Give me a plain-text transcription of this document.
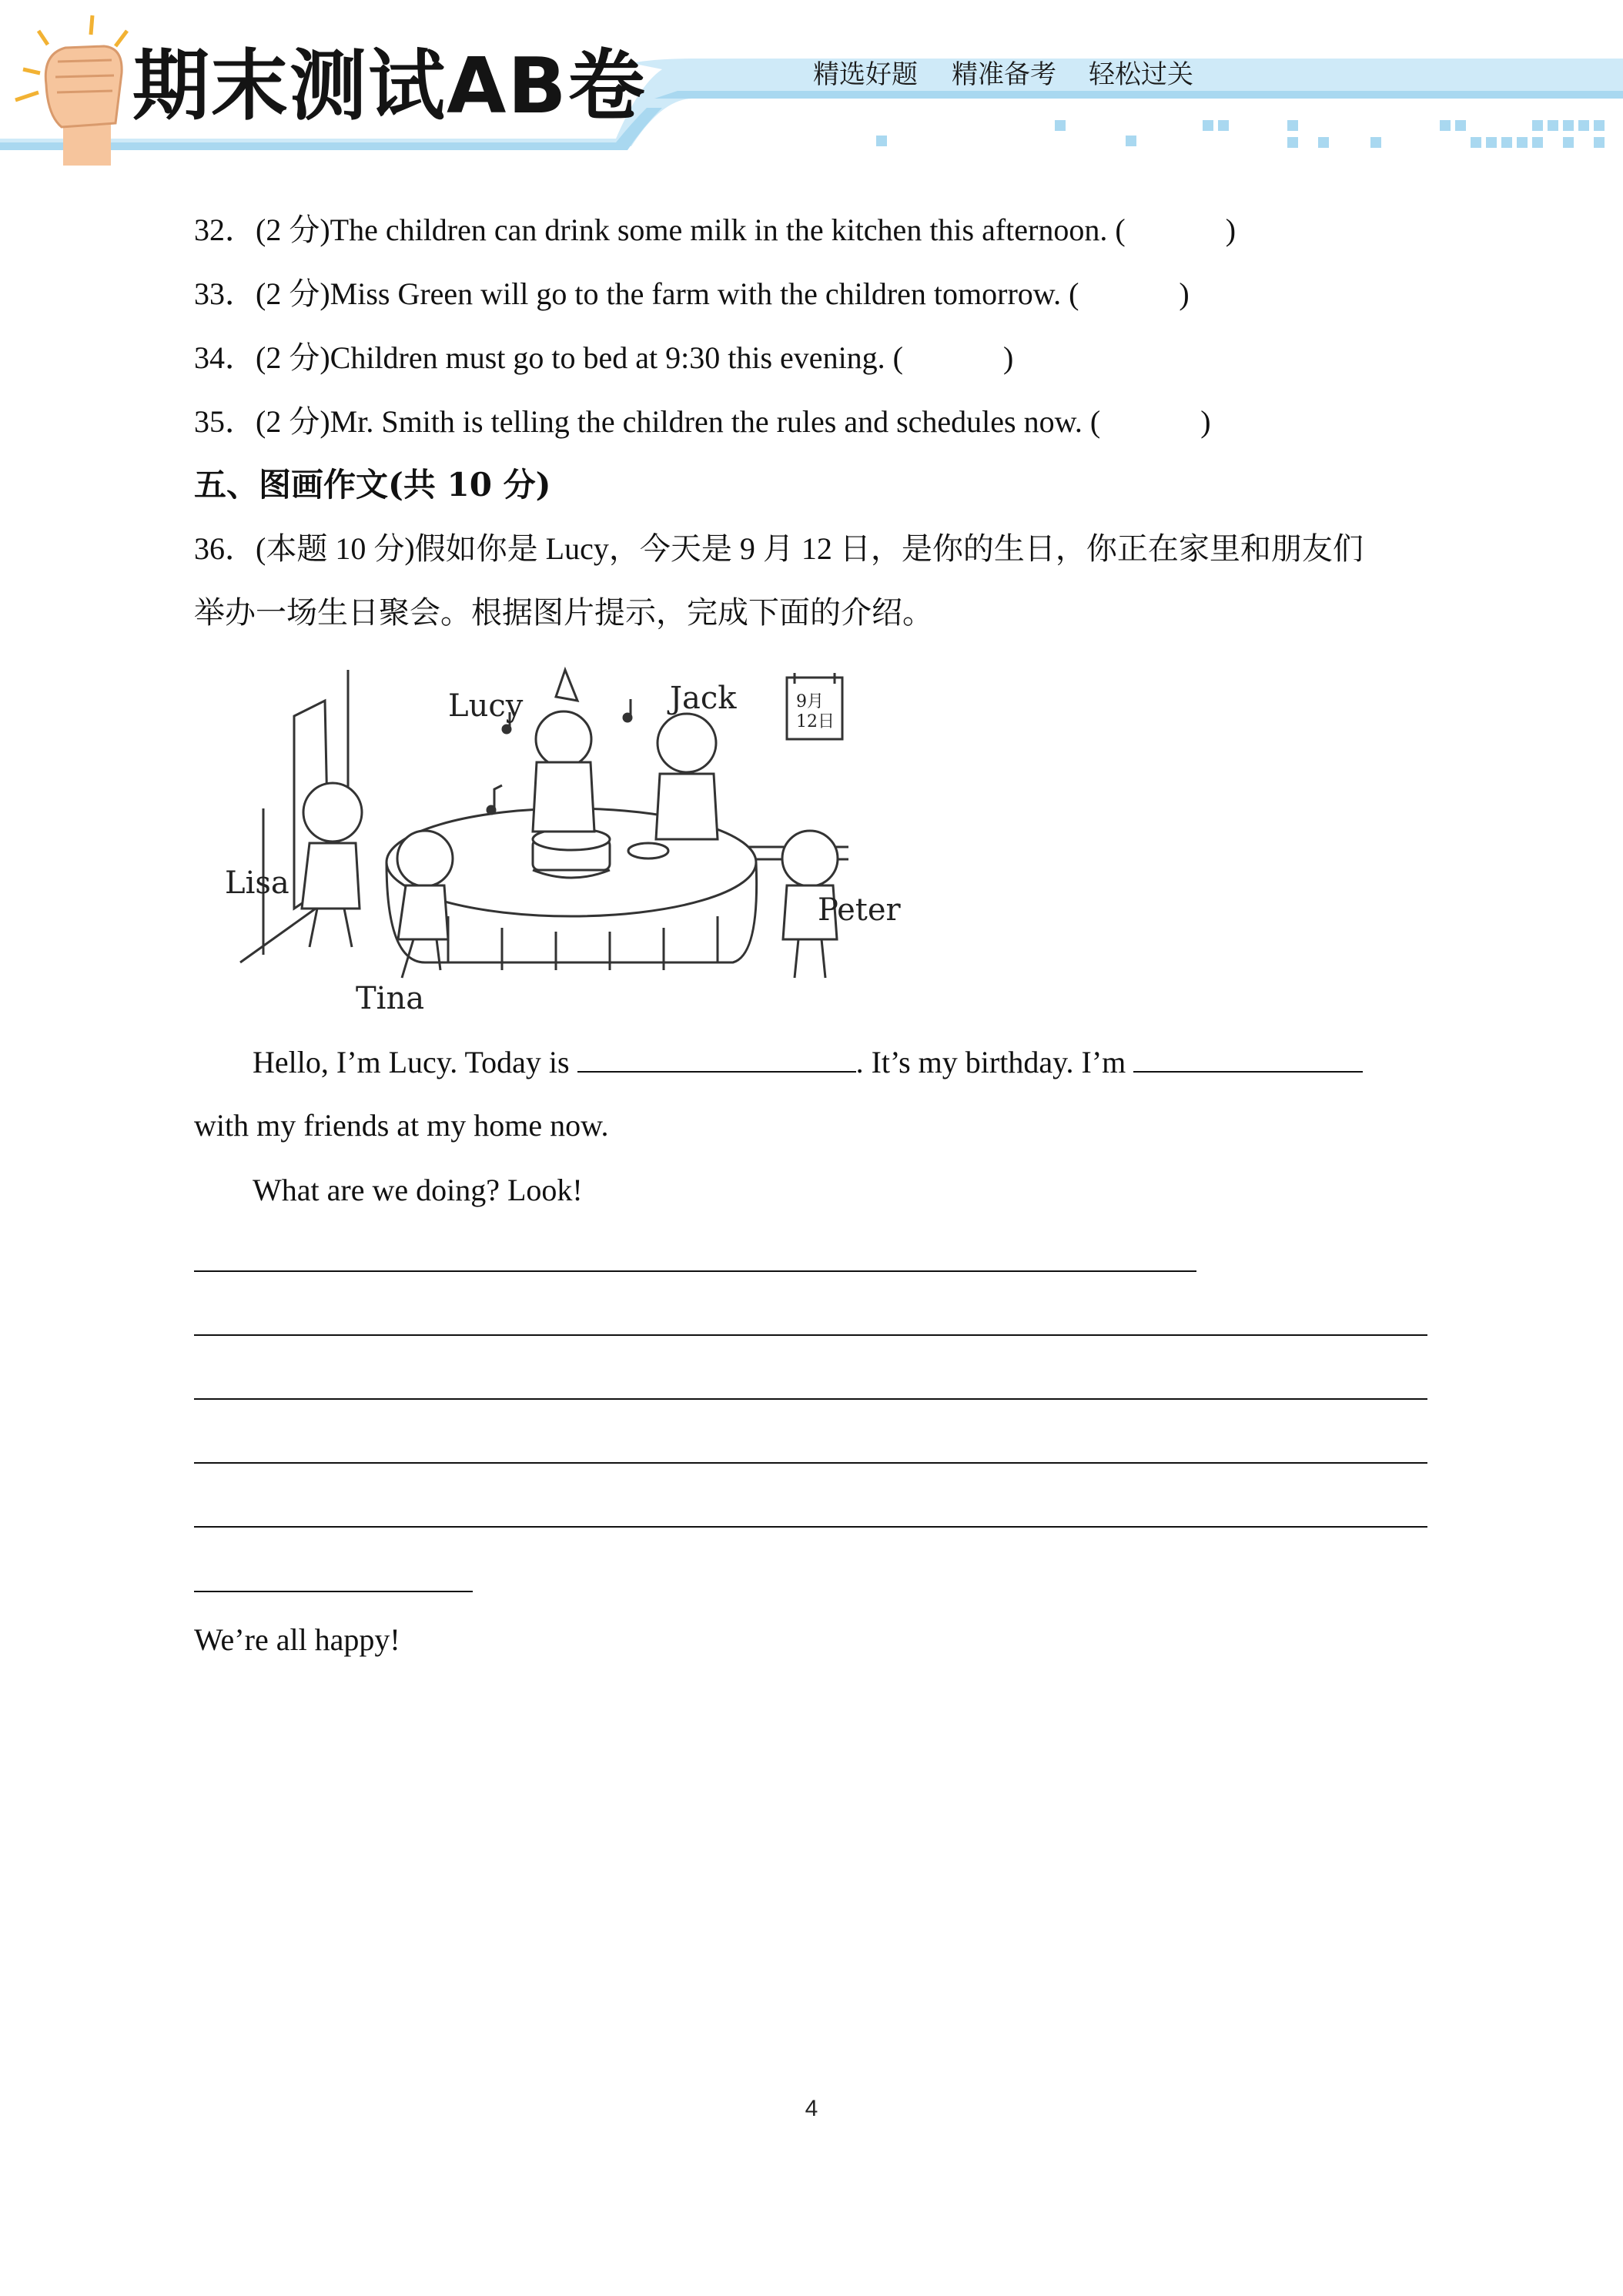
期末测试AB卷	精选好题 精准备考 轻松过关
32．(2 分)The children can drink some milk in the kitchen this afternoon. (	)
33．(2 分)Miss Green will go to the farm with the children tomorrow. (	)
34．(2 分)Children must go to bed at 9:30 this evening. (	)
35．(2 分)Mr. Smith is telling the children the rules and schedules now. (	)
五、图画作文(共 10 分)
36．(本题 10 分)假如你是 Lucy，今天是 9 月 12 日，是你的生日，你正在家里和朋友们
举办一场生日聚会。根据图片提示，完成下面的介绍。
Lucy	Jack
Lisa
Tina
Peter
9月
12日
Hello, I’m Lucy. Today is	. It’s my birthday. I’m
with my friends at my home now.
What are we doing? Look!
We’re all happy!
4
